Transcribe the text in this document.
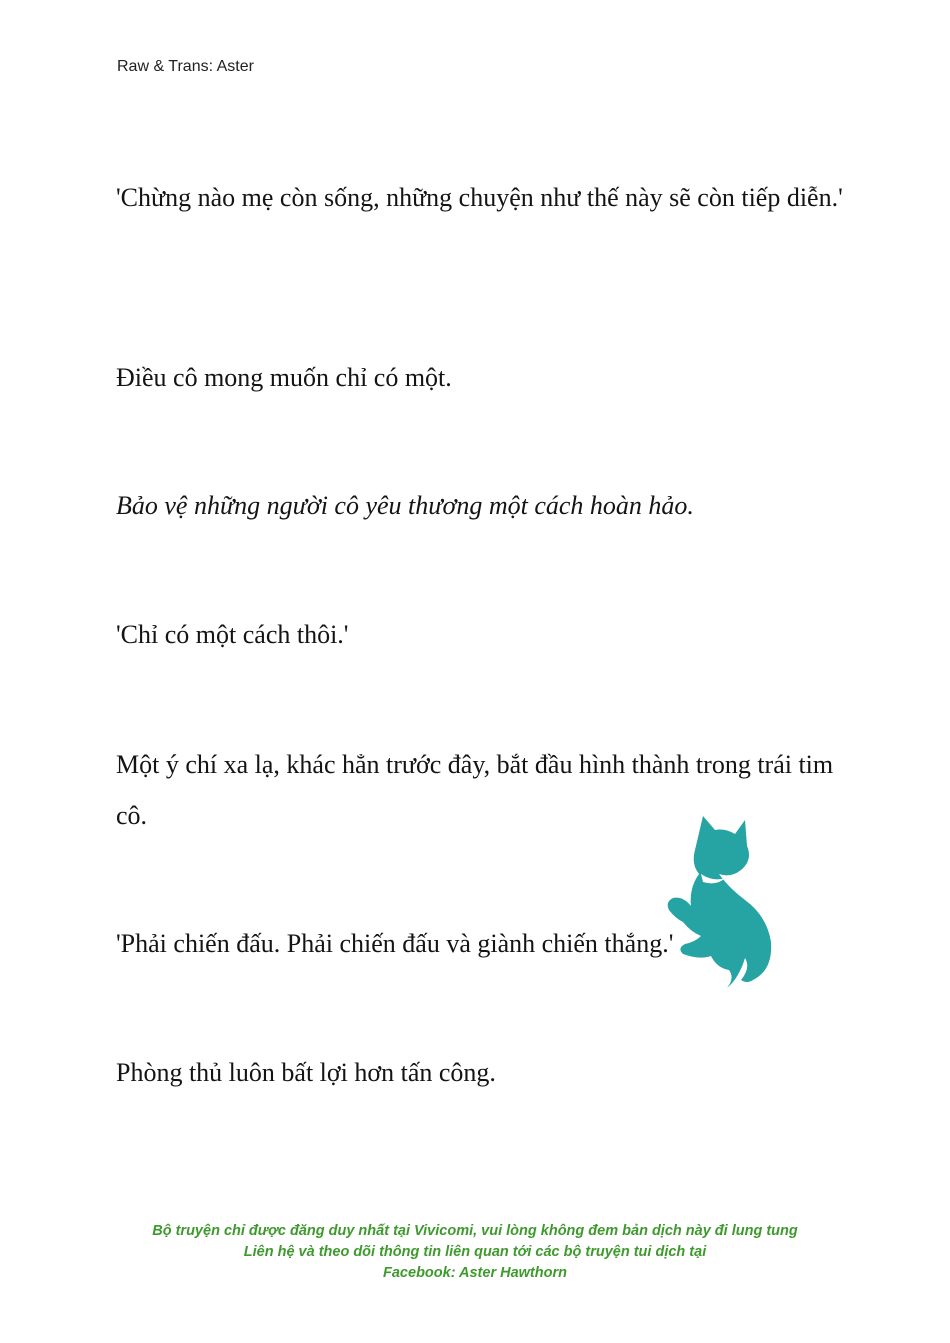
Raw & Trans: Aster
'Chừng nào mẹ còn sống, những chuyện như thế này sẽ còn tiếp diễn.'
Điều cô mong muốn chỉ có một.
Bảo vệ những người cô yêu thương một cách hoàn hảo.
'Chỉ có một cách thôi.'
Một ý chí xa lạ, khác hẳn trước đây, bắt đầu hình thành trong trái tim cô.
'Phải chiến đấu. Phải chiến đấu và giành chiến thắng.'
Phòng thủ luôn bất lợi hơn tấn công.
Bộ truyện chỉ được đăng duy nhất tại Vivicomi, vui lòng không đem bản dịch này đi lung tung
Liên hệ và theo dõi thông tin liên quan tới các bộ truyện tui dịch tại
Facebook: Aster Hawthorn
